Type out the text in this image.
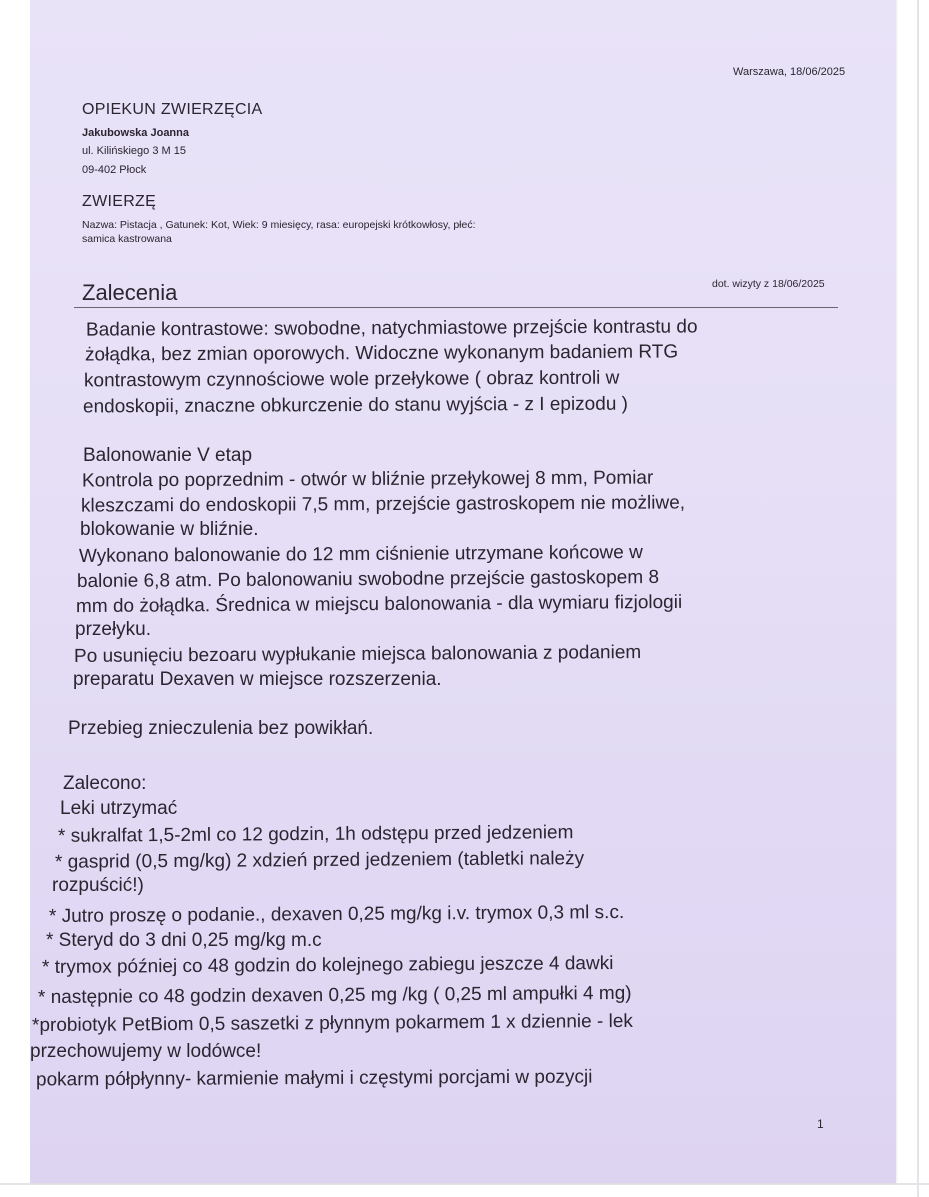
Warszawa, 18/06/2025
OPIEKUN ZWIERZĘCIA
Jakubowska Joanna
ul. Kilińskiego 3 M 15
09-402 Płock
ZWIERZĘ
Nazwa: Pistacja , Gatunek: Kot, Wiek: 9 miesięcy, rasa: europejski krótkowłosy, płeć:
samica kastrowana
Zalecenia	dot. wizyty z 18/06/2025
Badanie kontrastowe: swobodne, natychmiastowe przejście kontrastu do
żołądka, bez zmian oporowych. Widoczne wykonanym badaniem RTG
kontrastowym czynnościowe wole przełykowe ( obraz kontroli w
endoskopii, znaczne obkurczenie do stanu wyjścia - z I epizodu )
Balonowanie V etap
Kontrola po poprzednim - otwór w bliźnie przełykowej 8 mm, Pomiar
kleszczami do endoskopii 7,5 mm, przejście gastroskopem nie możliwe,
blokowanie w bliźnie.
Wykonano balonowanie do 12 mm ciśnienie utrzymane końcowe w
balonie 6,8 atm. Po balonowaniu swobodne przejście gastoskopem 8
mm do żołądka. Średnica w miejscu balonowania - dla wymiaru fizjologii
przełyku.
Po usunięciu bezoaru wypłukanie miejsca balonowania z podaniem
preparatu Dexaven w miejsce rozszerzenia.
Przebieg znieczulenia bez powikłań.
Zalecono:
Leki utrzymać
* sukralfat 1,5-2ml co 12 godzin, 1h odstępu przed jedzeniem
* gasprid (0,5 mg/kg) 2 xdzień przed jedzeniem (tabletki należy
rozpuścić!)
* Jutro proszę o podanie., dexaven 0,25 mg/kg i.v. trymox 0,3 ml s.c.
* Steryd do 3 dni 0,25 mg/kg m.c
* trymox później co 48 godzin do kolejnego zabiegu jeszcze 4 dawki
* następnie co 48 godzin dexaven 0,25 mg /kg ( 0,25 ml ampułki 4 mg)
*probiotyk PetBiom 0,5 saszetki z płynnym pokarmem 1 x dziennie - lek
przechowujemy w lodówce!
pokarm półpłynny- karmienie małymi i częstymi porcjami w pozycji
1
